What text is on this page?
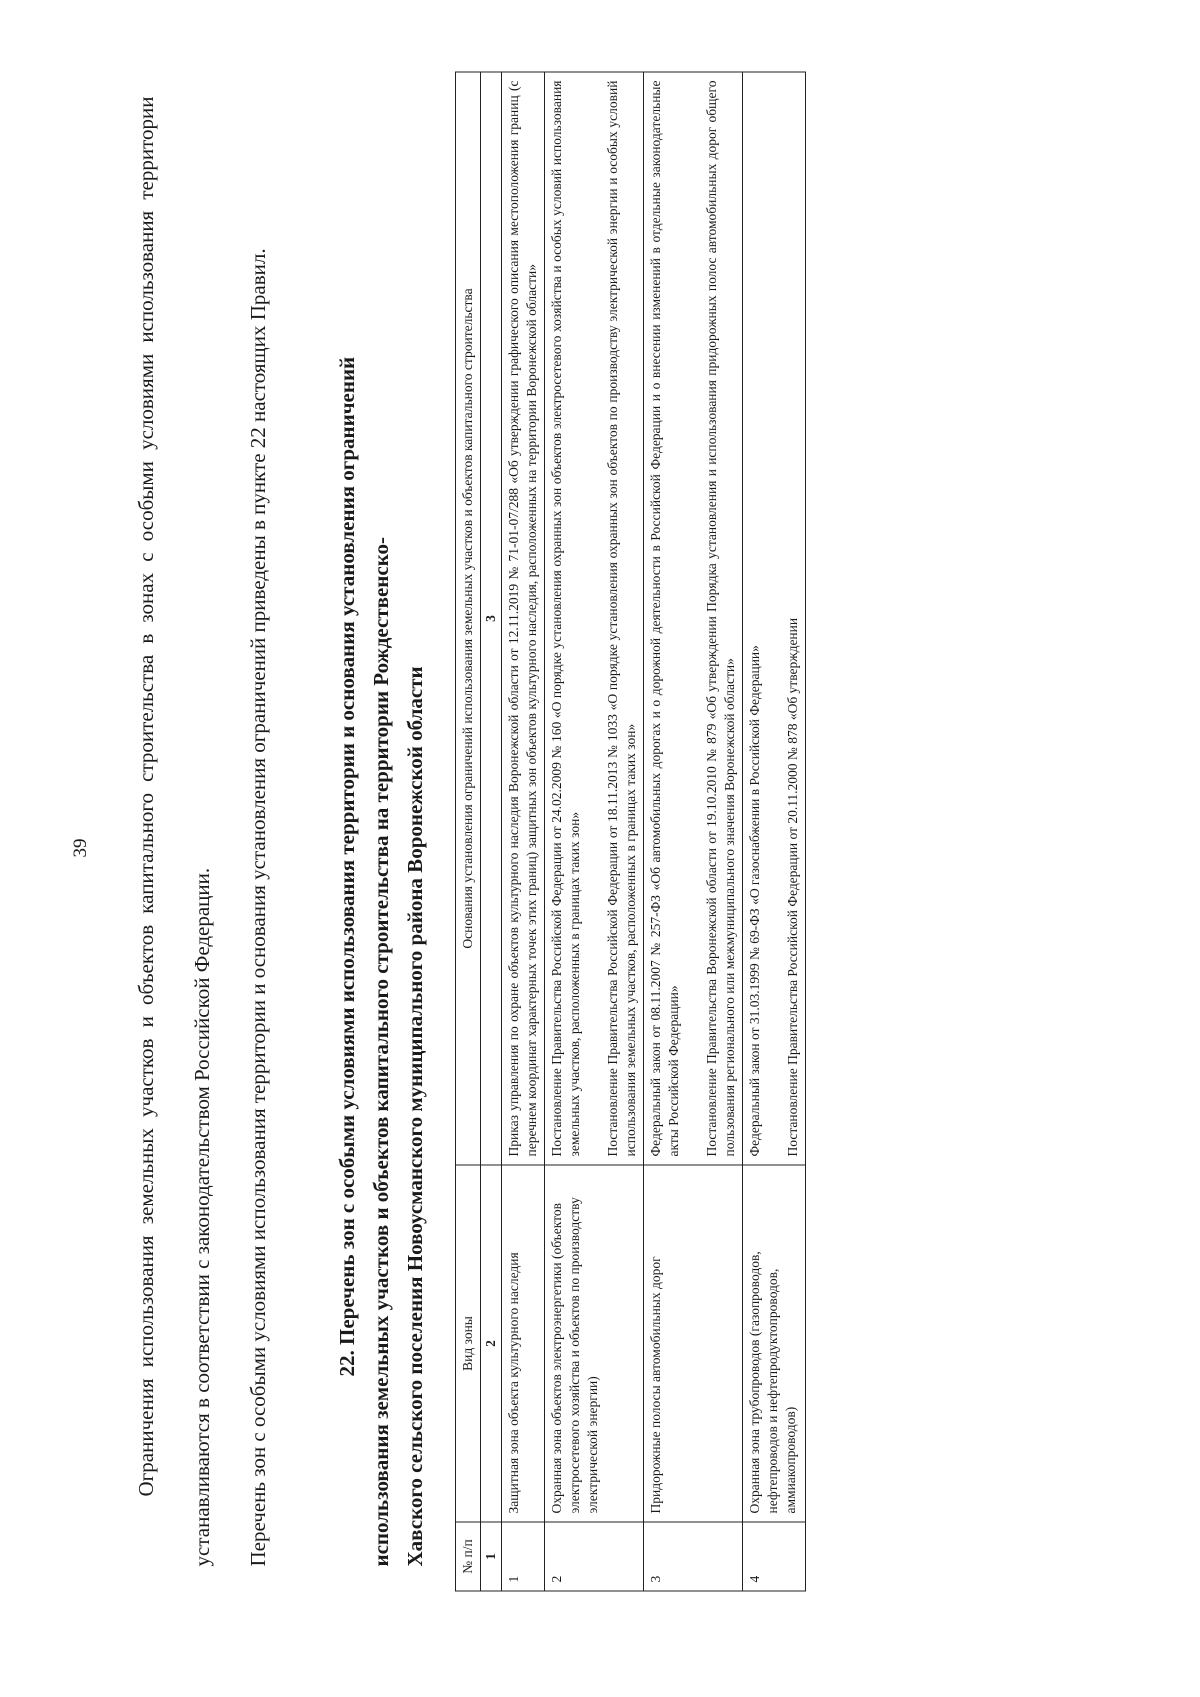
39	Ограничения использования земельных участков и объектов капитального строительства в зонах с особыми условиями использования территории устанавливаются в соответствии с законодательством Российской Федерации.	Перечень зон с особыми условиями использования территории и основания установления ограничений приведены в пункте 22 настоящих Правил.	22. Перечень зон с особыми условиями использования территории и основания установления ограничений использования земельных участков и объектов капитального строительства на территории Рождественско- Хавского сельского поселения Новоусманского муниципального района Воронежской области	№ п/п	Вид зоны	Основания установления ограничений использования земельных участков и объектов капитального строительства
1	2	3
1	Защитная зона объекта культурного наследия	Приказ управления по охране объектов культурного наследия Воронежской области от 12.11.2019 № 71-01-07/288 «Об утверждении графического описания местоположения границ (с перечнем координат характерных точек этих границ) защитных зон объектов культурного наследия, расположенных на территории Воронежской области»

2	Охранная зона объектов электроэнергетики (объектов электросетевого хозяйства и объектов по производству электрической энергии)	Постановление Правительства Российской Федерации от 24.02.2009 № 160 «О порядке установления охранных зон объектов электросетевого хозяйства и особых условий использования земельных участков, расположенных в границах таких зон» Постановление Правительства Российской Федерации от 18.11.2013 № 1033 «О порядке установления охранных зон объектов по производству электрической энергии и особых условий использования земельных участков, расположенных в границах таких зон»

3	Придорожные полосы автомобильных дорог	Федеральный закон от 08.11.2007 № 257-ФЗ «Об автомобильных дорогах и о дорожной деятельности в Российской Федерации и о внесении изменений в отдельные законодательные акты Российской Федерации» Постановление Правительства Воронежской области от 19.10.2010 № 879 «Об утверждении Порядка установления и использования придорожных полос автомобильных дорог общего пользования регионального или межмуниципального значения Воронежской области»

4	Охранная зона трубопроводов (газопроводов, нефтепроводов и нефтепродуктопроводов, аммиакопроводов)	Федеральный закон от 31.03.1999 № 69-ФЗ «О газоснабжении в Российской Федерации» Постановление Правительства Российской Федерации от 20.11.2000 № 878 «Об утверждении
